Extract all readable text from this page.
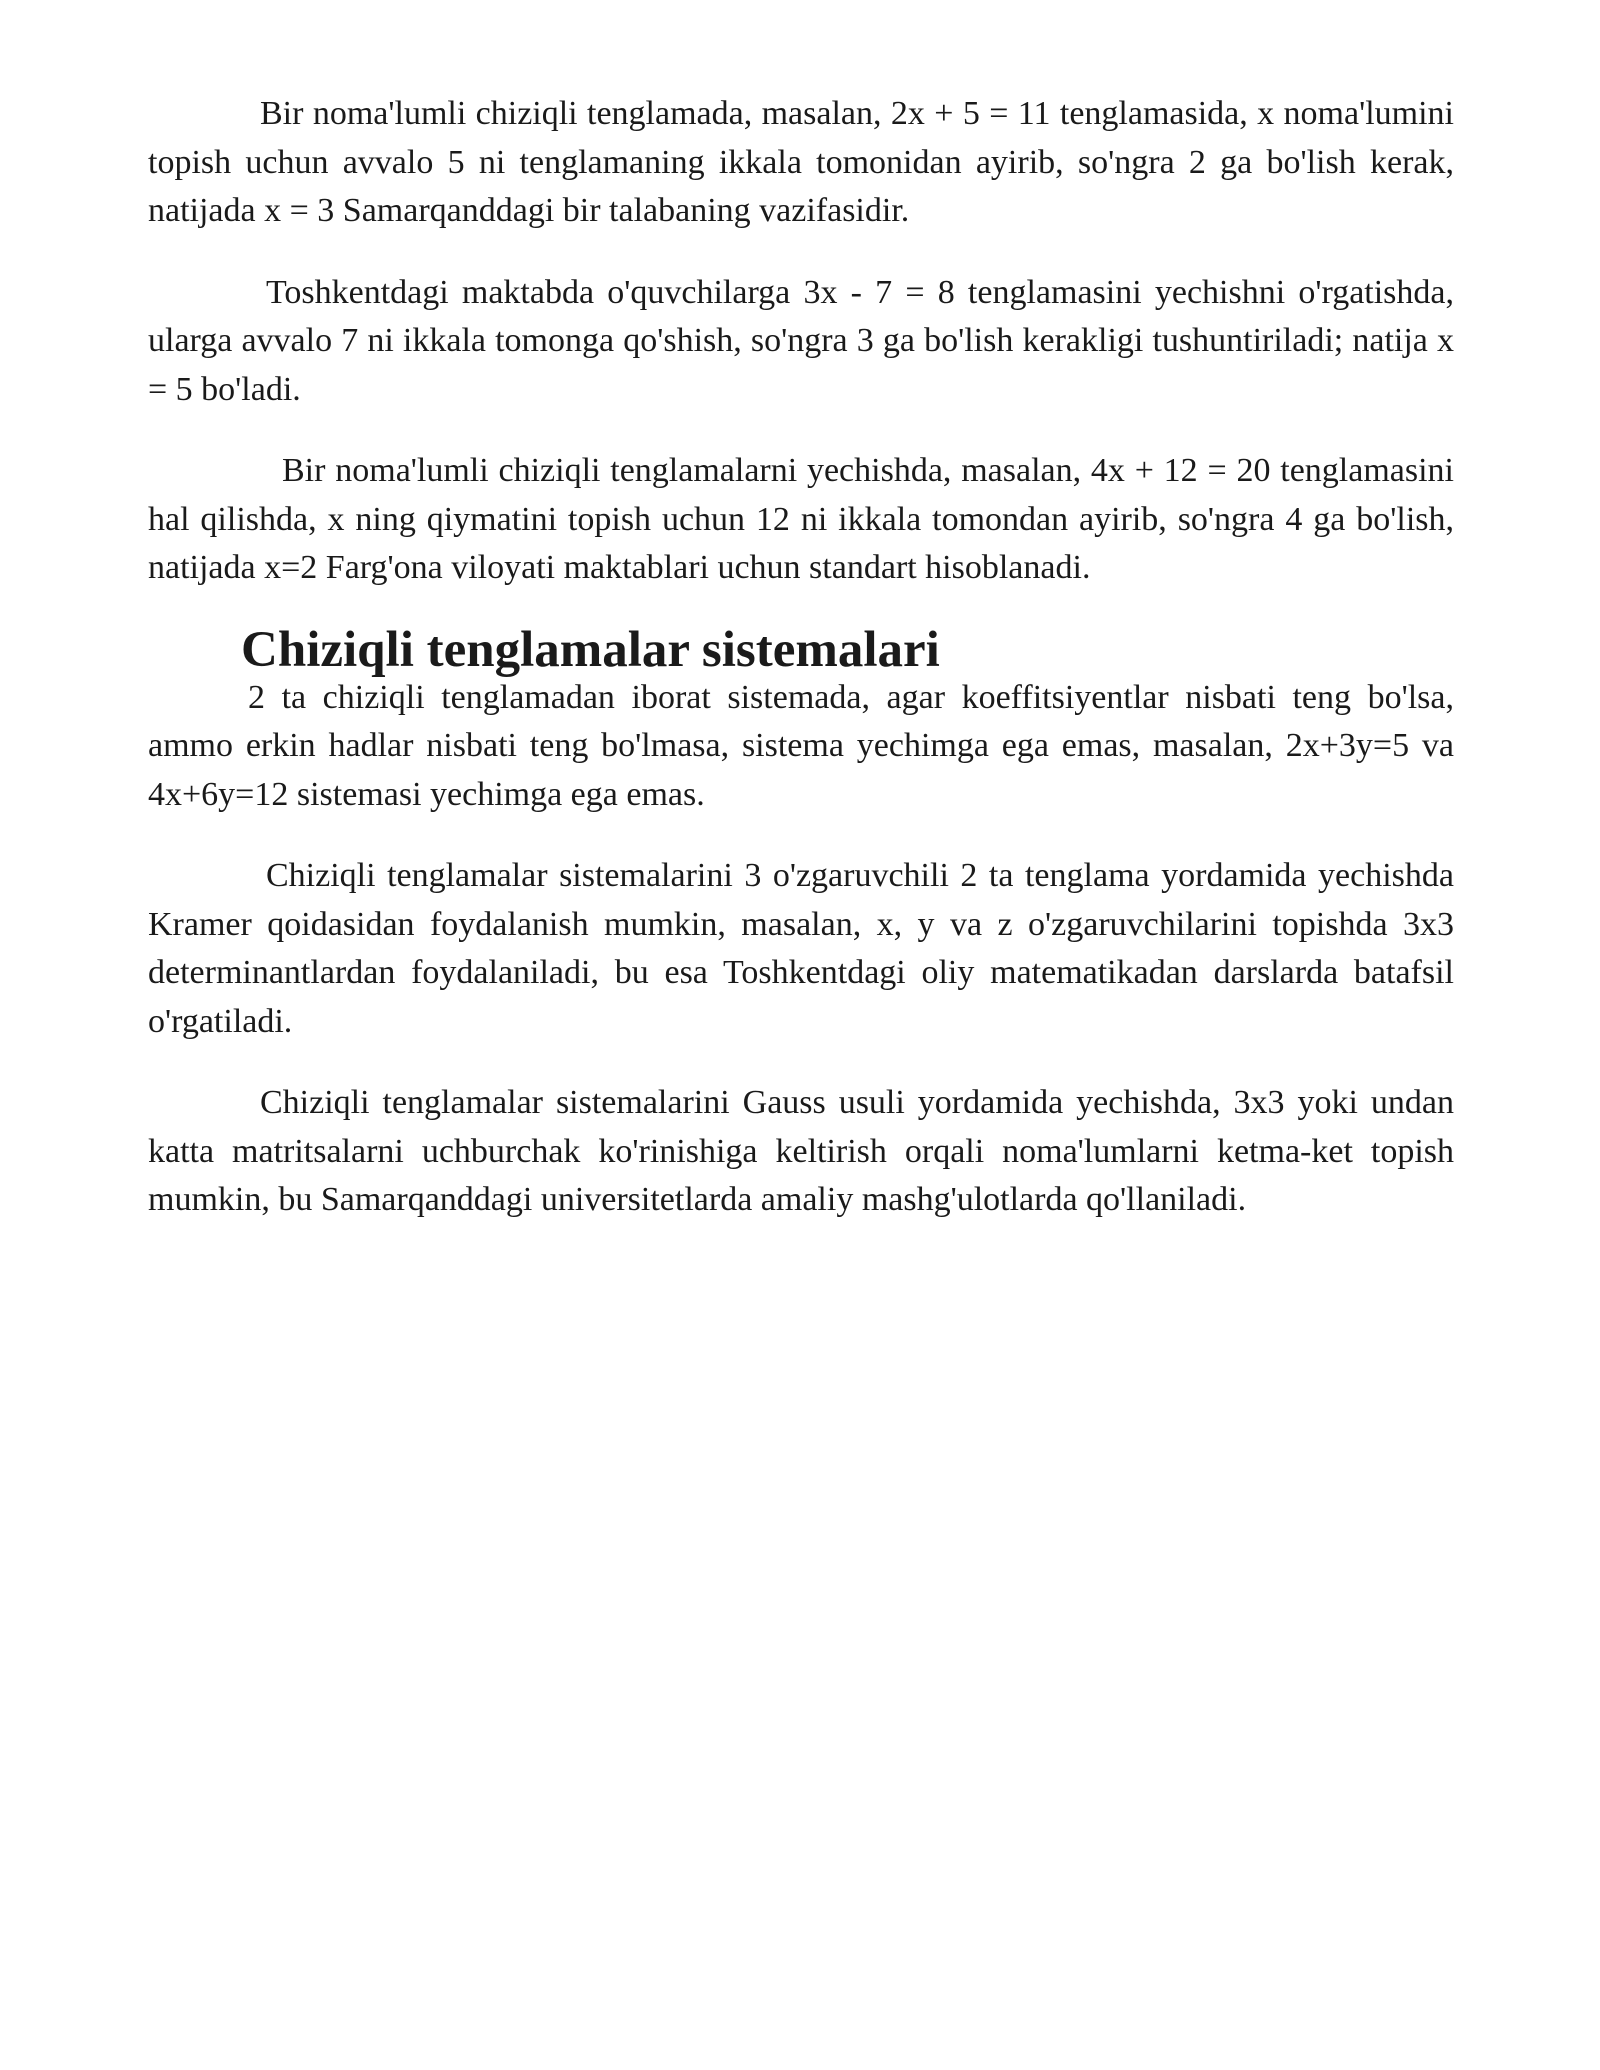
Bir noma'lumli chiziqli tenglamada, masalan, 2x + 5 = 11 tenglamasida, x noma'lumini topish uchun avvalo 5 ni tenglamaning ikkala tomonidan ayirib, so'ngra 2 ga bo'lish kerak, natijada x = 3 Samarqanddagi bir talabaning vazifasidir.

Toshkentdagi maktabda o'quvchilarga 3x - 7 = 8 tenglamasini yechishni o'rgatishda, ularga avvalo 7 ni ikkala tomonga qo'shish, so'ngra 3 ga bo'lish kerakligi tushuntiriladi; natija x = 5 bo'ladi.

Bir noma'lumli chiziqli tenglamalarni yechishda, masalan, 4x + 12 = 20 tenglamasini hal qilishda, x ning qiymatini topish uchun 12 ni ikkala tomondan ayirib, so'ngra 4 ga bo'lish, natijada x=2 Farg'ona viloyati maktablari uchun standart hisoblanadi.

Chiziqli tenglamalar sistemalari

2 ta chiziqli tenglamadan iborat sistemada, agar koeffitsiyentlar nisbati teng bo'lsa, ammo erkin hadlar nisbati teng bo'lmasa, sistema yechimga ega emas, masalan, 2x+3y=5 va 4x+6y=12 sistemasi yechimga ega emas.

Chiziqli tenglamalar sistemalarini 3 o'zgaruvchili 2 ta tenglama yordamida yechishda Kramer qoidasidan foydalanish mumkin, masalan, x, y va z o'zgaruvchilarini topishda 3x3 determinantlardan foydalaniladi, bu esa Toshkentdagi oliy matematikadan darslarda batafsil o'rgatiladi.

Chiziqli tenglamalar sistemalarini Gauss usuli yordamida yechishda, 3x3 yoki undan katta matritsalarni uchburchak ko'rinishiga keltirish orqali noma'lumlarni ketma-ket topish mumkin, bu Samarqanddagi universitetlarda amaliy mashg'ulotlarda qo'llaniladi.
